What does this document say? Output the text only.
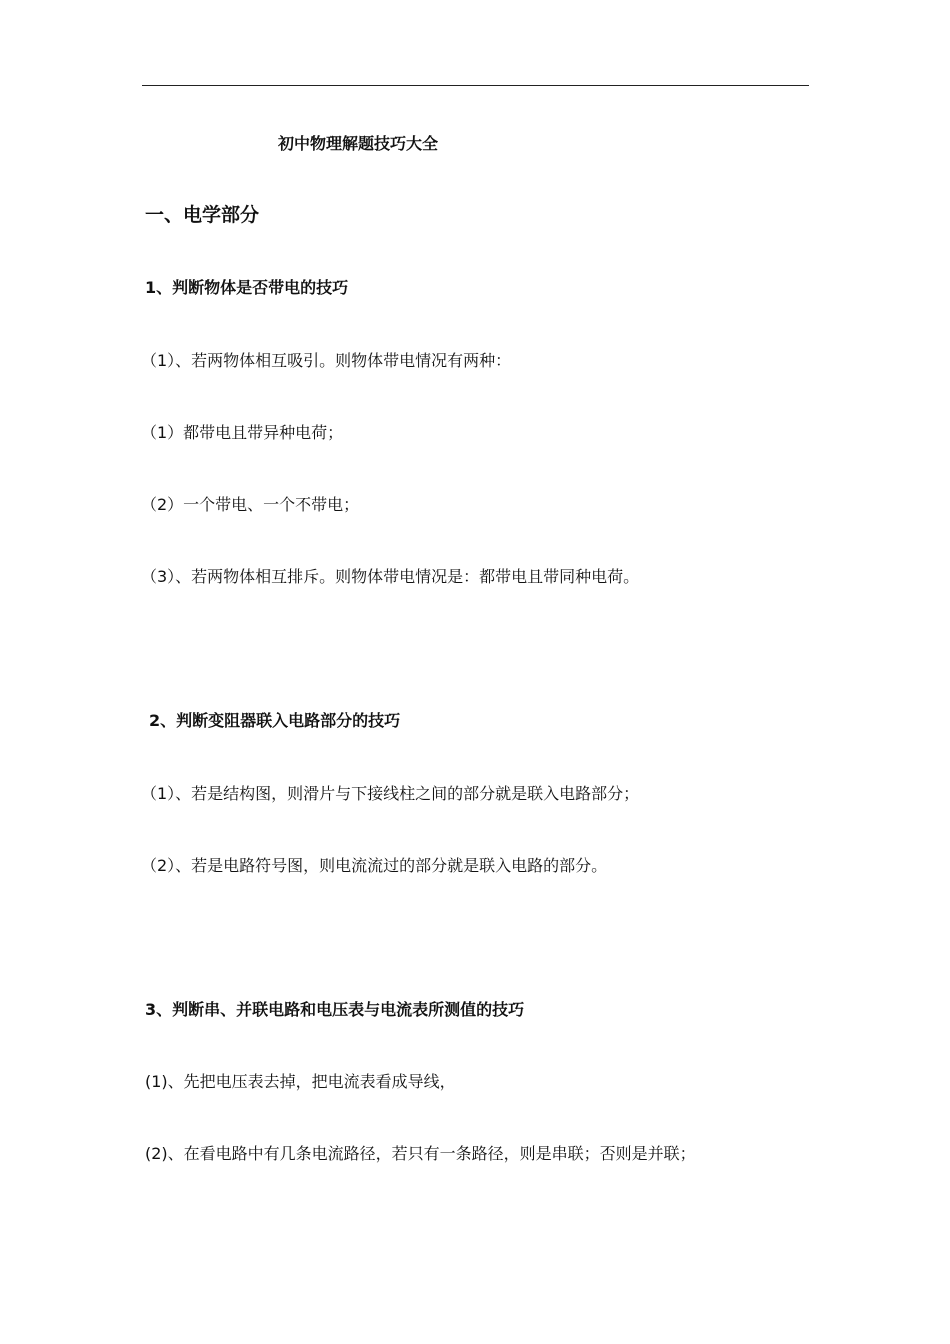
初中物理解题技巧大全
一、电学部分
1、判断物体是否带电的技巧
（1）、若两物体相互吸引。则物体带电情况有两种：
（1）都带电且带异种电荷；
（2）一个带电、一个不带电；
（3）、若两物体相互排斥。则物体带电情况是：都带电且带同种电荷。
2、判断变阻器联入电路部分的技巧
（1）、若是结构图，则滑片与下接线柱之间的部分就是联入电路部分；
（2）、若是电路符号图，则电流流过的部分就是联入电路的部分。
3、判断串、并联电路和电压表与电流表所测值的技巧
(1)、先把电压表去掉，把电流表看成导线，
(2)、在看电路中有几条电流路径，若只有一条路径，则是串联；否则是并联；
